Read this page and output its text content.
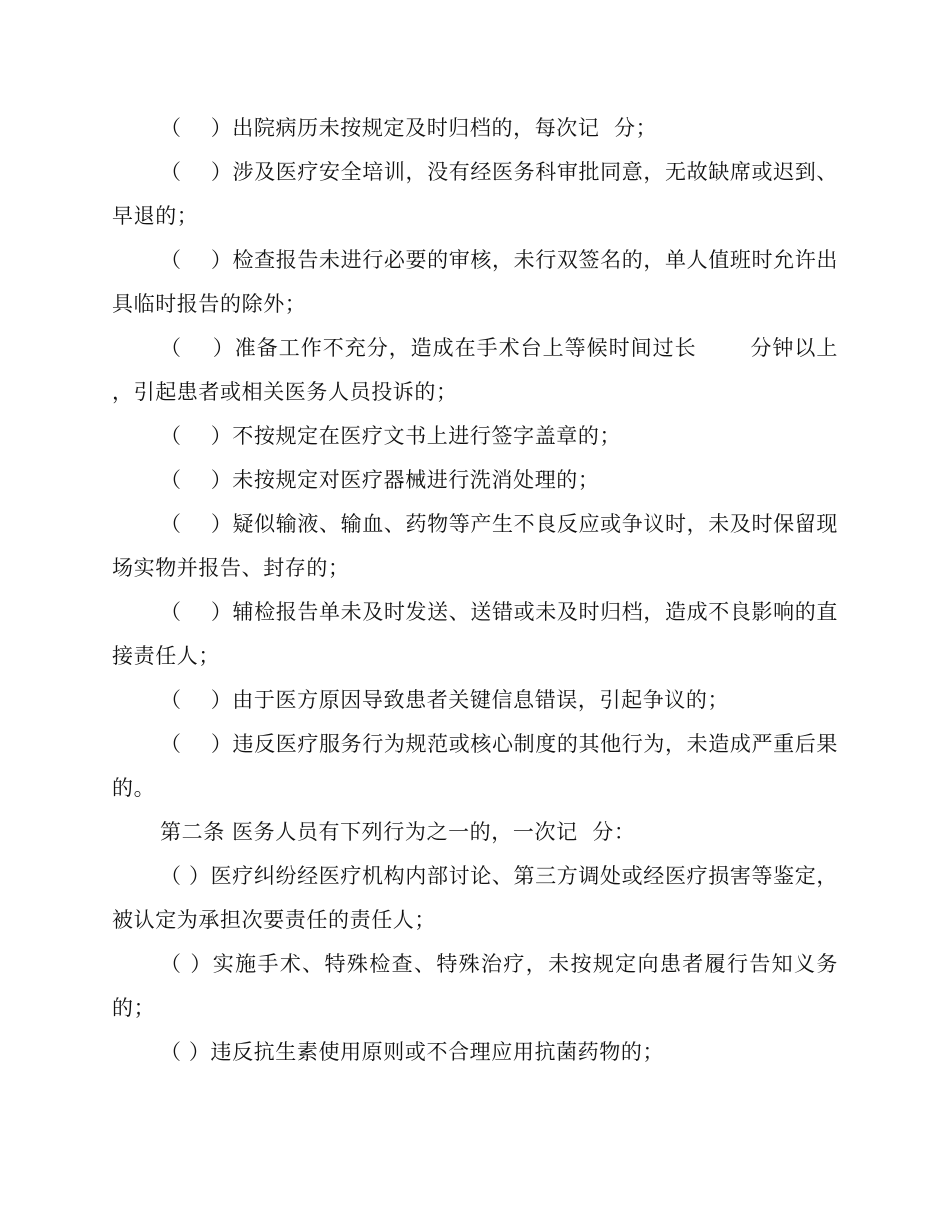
（    ）出院病历未按规定及时归档的，每次记  分；

（    ）涉及医疗安全培训，没有经医务科审批同意，无故缺席或迟到、早退的；

（    ）检查报告未进行必要的审核，未行双签名的，单人值班时允许出具临时报告的除外；

（    ）准备工作不充分，造成在手术台上等候时间过长       分钟以上 ，引起患者或相关医务人员投诉的；

（    ）不按规定在医疗文书上进行签字盖章的；

（    ）未按规定对医疗器械进行洗消处理的；

（    ）疑似输液、输血、药物等产生不良反应或争议时，未及时保留现场实物并报告、封存的；

（    ）辅检报告单未及时发送、送错或未及时归档，造成不良影响的直接责任人；

（    ）由于医方原因导致患者关键信息错误，引起争议的；

（    ）违反医疗服务行为规范或核心制度的其他行为，未造成严重后果的。

第二条 医务人员有下列行为之一的，一次记  分：

（ ）医疗纠纷经医疗机构内部讨论、第三方调处或经医疗损害等鉴定，被认定为承担次要责任的责任人；

（ ）实施手术、特殊检查、特殊治疗，未按规定向患者履行告知义务的；

（ ）违反抗生素使用原则或不合理应用抗菌药物的；
